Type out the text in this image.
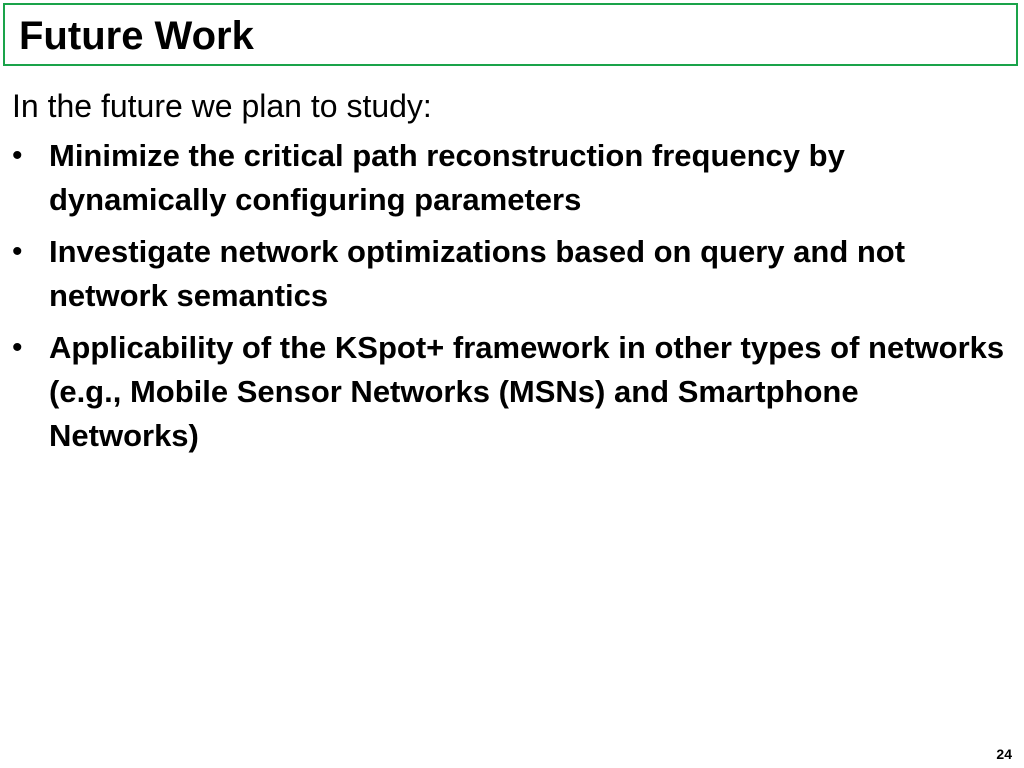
Future Work
In the future we plan to study:
• Minimize the critical path reconstruction frequency by dynamically configuring parameters
• Investigate network optimizations based on query and not network semantics
• Applicability of the KSpot+ framework in other types of networks (e.g., Mobile Sensor Networks (MSNs) and Smartphone Networks)
24
